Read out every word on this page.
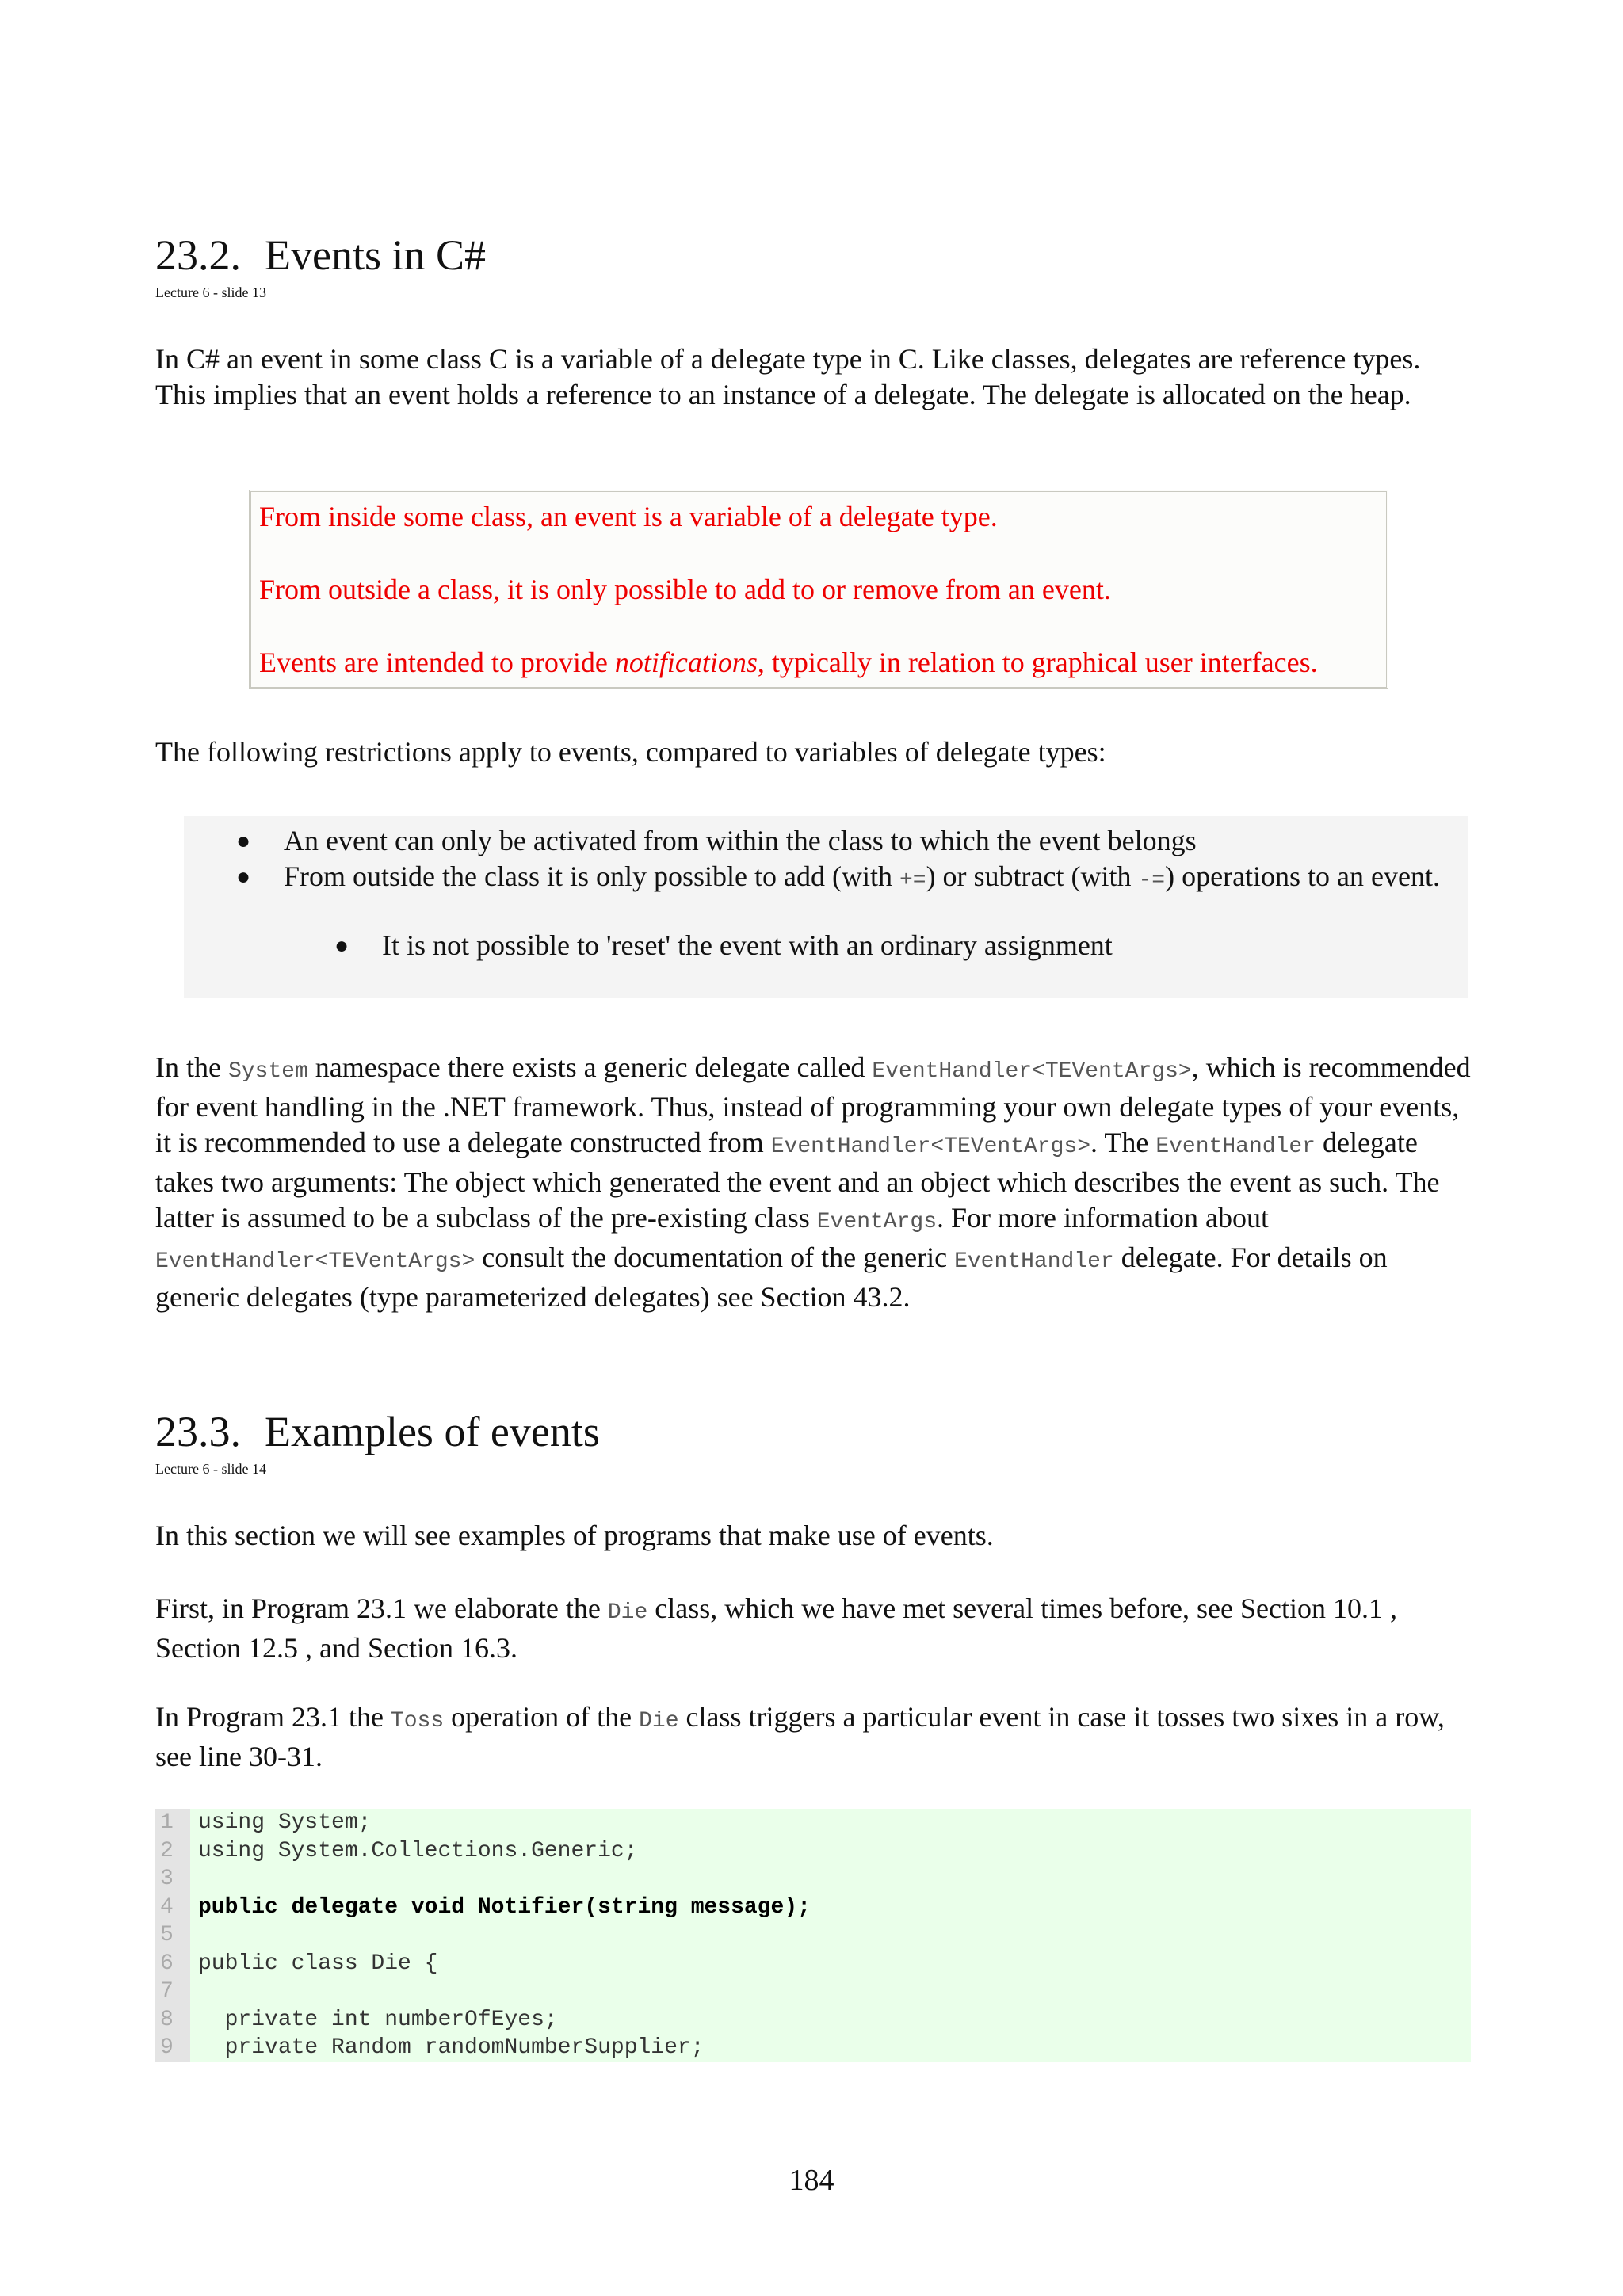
23.2. Events in C#
Lecture 6 - slide 13

In C# an event in some class C is a variable of a delegate type in C. Like classes, delegates are reference types. This implies that an event holds a reference to an instance of a delegate. The delegate is allocated on the heap.

From inside some class, an event is a variable of a delegate type.

From outside a class, it is only possible to add to or remove from an event.

Events are intended to provide notifications, typically in relation to graphical user interfaces.

The following restrictions apply to events, compared to variables of delegate types:

● An event can only be activated from within the class to which the event belongs
● From outside the class it is only possible to add (with +=) or subtract (with -=) operations to an event.
● It is not possible to 'reset' the event with an ordinary assignment

In the System namespace there exists a generic delegate called EventHandler<TEVentArgs>, which is recommended for event handling in the .NET framework. Thus, instead of programming your own delegate types of your events, it is recommended to use a delegate constructed from EventHandler<TEVentArgs>. The EventHandler delegate takes two arguments: The object which generated the event and an object which describes the event as such. The latter is assumed to be a subclass of the pre-existing class EventArgs. For more information about EventHandler<TEVentArgs> consult the documentation of the generic EventHandler delegate. For details on generic delegates (type parameterized delegates) see Section 43.2.

23.3. Examples of events
Lecture 6 - slide 14

In this section we will see examples of programs that make use of events.

First, in Program 23.1 we elaborate the Die class, which we have met several times before, see Section 10.1 , Section 12.5 , and Section 16.3.

In Program 23.1 the Toss operation of the Die class triggers a particular event in case it tosses two sixes in a row, see line 30-31.

1	using System;
2	using System.Collections.Generic;
3
4	public delegate void Notifier(string message);
5
6	public class Die {
7
8	private int numberOfEyes;
9	private Random randomNumberSupplier;
184
